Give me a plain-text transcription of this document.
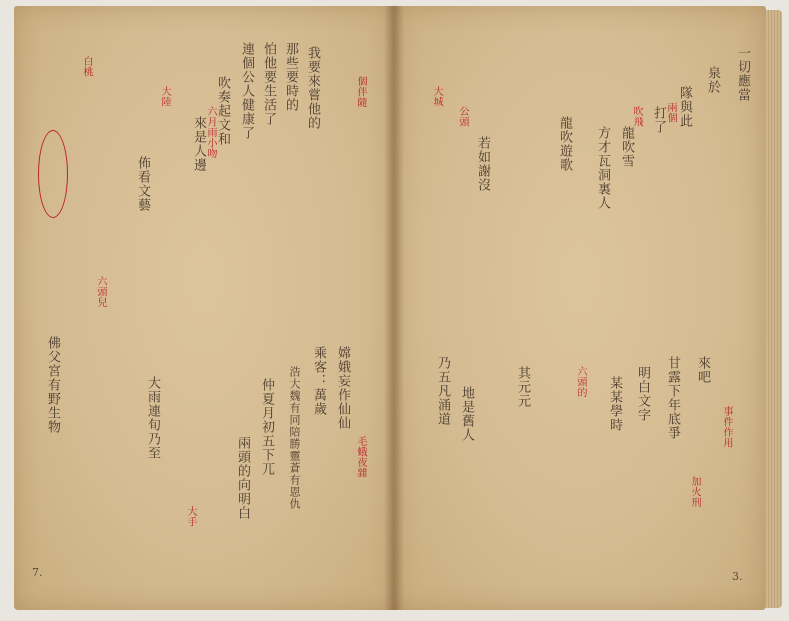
我要來嘗他的
那些要時的
怕他要生活了
連個公人健康了
吹奏起文和
來是人邊
佈看文藝
嫦娥妄作仙仙
乘客：萬歲
浩大魏有同陪勝靈蒼有恩仇
仲夏月初五下兀
兩頭的向明白
大雨連旬乃至
佛父宮有野生物
個伴隨
六月雨小吻
大陸
白桃
六頭兒
大手
毛蛾夜雜
7.
一切應當
泉於
隊與此
打了
龍吹雪
方才瓦洞裏人
龍吹遊歌
若如謝沒
甘露下年底爭
明白文字
某某學時
乃五凡涌道 地是舊人	其元元	來吧
吹飛 兩個
大城
公頭
六頭的
事件作用
加火刑
3.
